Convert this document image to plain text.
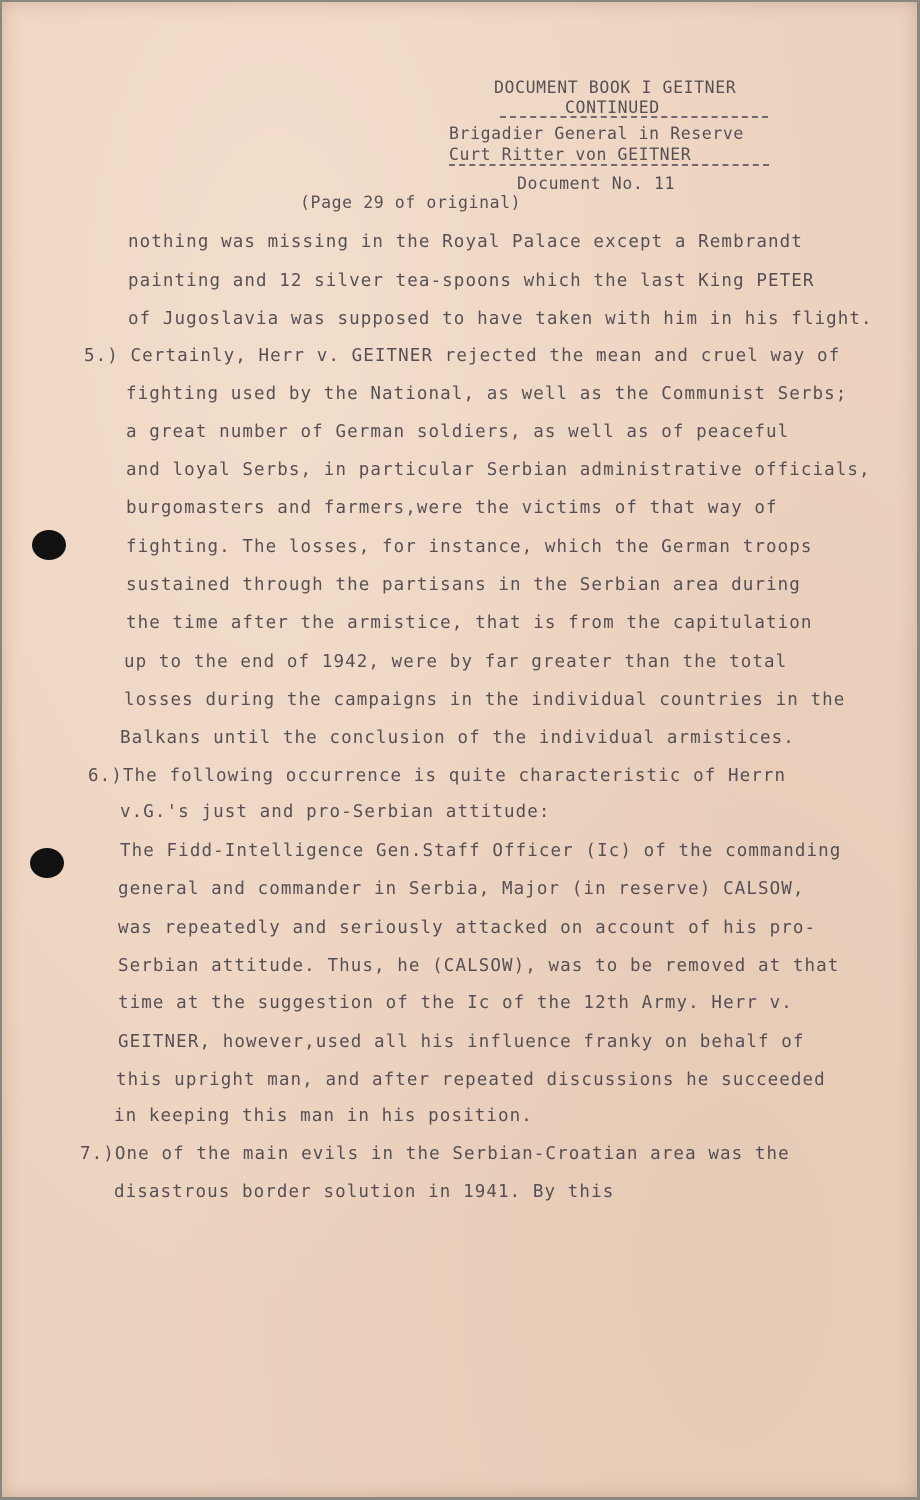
DOCUMENT BOOK I GEITNER
CONTINUED
Brigadier General in Reserve
Curt Ritter von GEITNER
Document No. 11
(Page 29 of original)
nothing was missing in the Royal Palace except a Rembrandt
painting and 12 silver tea-spoons which the last King PETER
of Jugoslavia was supposed to have taken with him in his flight.
5.) Certainly, Herr v. GEITNER rejected the mean and cruel way of
fighting used by the National, as well as the Communist Serbs;
a great number of German soldiers, as well as of peaceful
and loyal Serbs, in particular Serbian administrative officials,
burgomasters and farmers,were the victims of that way of
fighting. The losses, for instance, which the German troops
sustained through the partisans in the Serbian area during
the time after the armistice, that is from the capitulation
up to the end of 1942, were by far greater than the total
losses during the campaigns in the individual countries in the
Balkans until the conclusion of the individual armistices.
6.)The following occurrence is quite characteristic of Herrn
v.G.'s just and pro-Serbian attitude:
The Fidd-Intelligence Gen.Staff Officer (Ic) of the commanding
general and commander in Serbia, Major (in reserve) CALSOW,
was repeatedly and seriously attacked on account of his pro-
Serbian attitude. Thus, he (CALSOW), was to be removed at that
time at the suggestion of the Ic of the 12th Army. Herr v.
GEITNER, however,used all his influence franky on behalf of
this upright man, and after repeated discussions he succeeded
in keeping this man in his position.
7.)One of the main evils in the Serbian-Croatian area was the
disastrous border solution in 1941. By this
